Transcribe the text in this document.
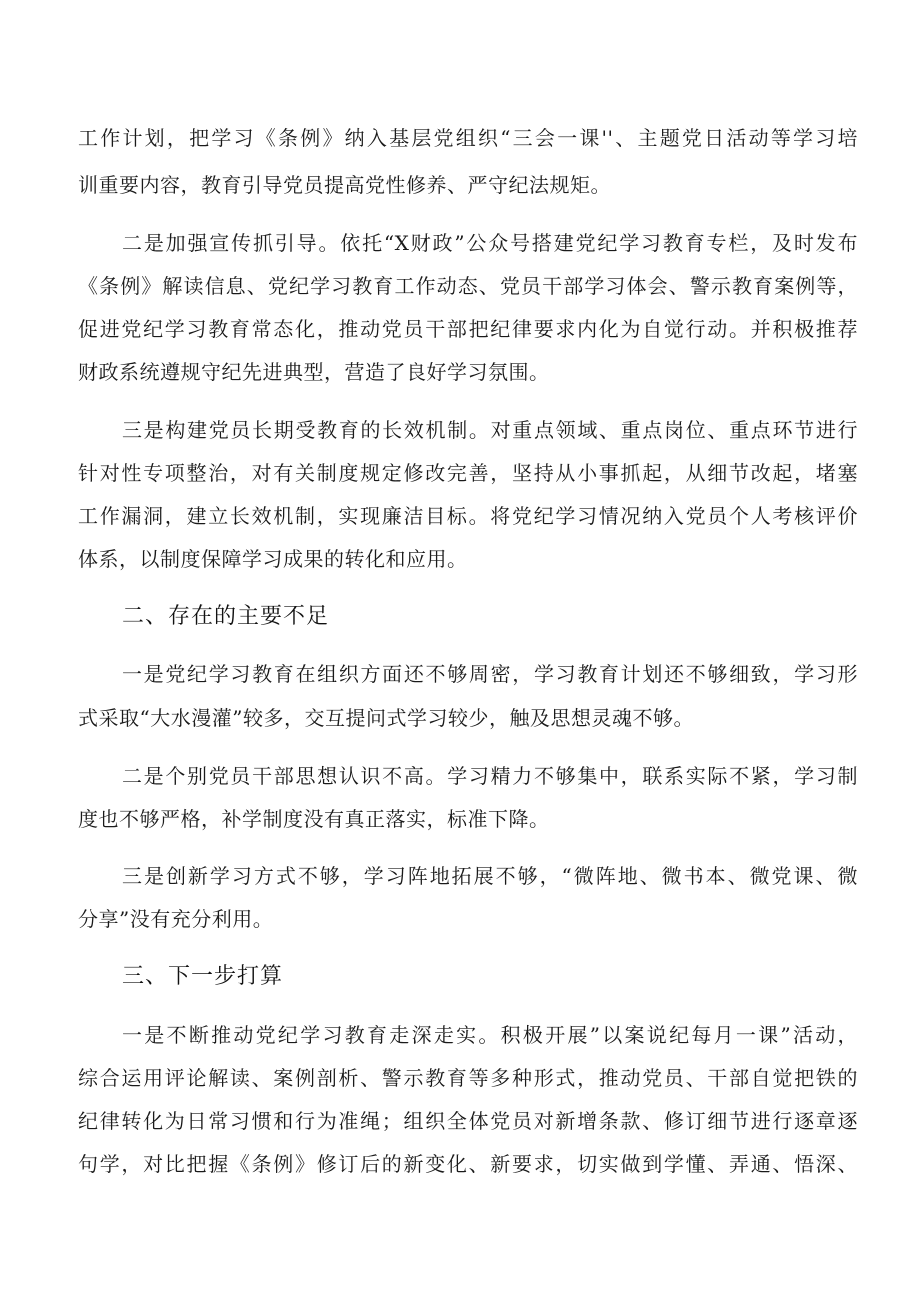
工作计划，把学习《条例》纳入基层党组织“三会一课''、主题党日活动等学习培
训重要内容，教育引导党员提高党性修养、严守纪法规矩。
二是加强宣传抓引导。依托“X财政”公众号搭建党纪学习教育专栏，及时发布
《条例》解读信息、党纪学习教育工作动态、党员干部学习体会、警示教育案例等，
促进党纪学习教育常态化，推动党员干部把纪律要求内化为自觉行动。并积极推荐
财政系统遵规守纪先进典型，营造了良好学习氛围。
三是构建党员长期受教育的长效机制。对重点领域、重点岗位、重点环节进行
针对性专项整治，对有关制度规定修改完善，坚持从小事抓起，从细节改起，堵塞
工作漏洞，建立长效机制，实现廉洁目标。将党纪学习情况纳入党员个人考核评价
体系，以制度保障学习成果的转化和应用。
二、存在的主要不足
一是党纪学习教育在组织方面还不够周密，学习教育计划还不够细致，学习形
式采取“大水漫灌”较多，交互提问式学习较少，触及思想灵魂不够。
二是个别党员干部思想认识不高。学习精力不够集中，联系实际不紧，学习制
度也不够严格，补学制度没有真正落实，标准下降。
三是创新学习方式不够，学习阵地拓展不够，“微阵地、微书本、微党课、微
分享”没有充分利用。
三、下一步打算
一是不断推动党纪学习教育走深走实。积极开展”以案说纪每月一课”活动，
综合运用评论解读、案例剖析、警示教育等多种形式，推动党员、干部自觉把铁的
纪律转化为日常习惯和行为准绳；组织全体党员对新增条款、修订细节进行逐章逐
句学，对比把握《条例》修订后的新变化、新要求，切实做到学懂、弄通、悟深、
